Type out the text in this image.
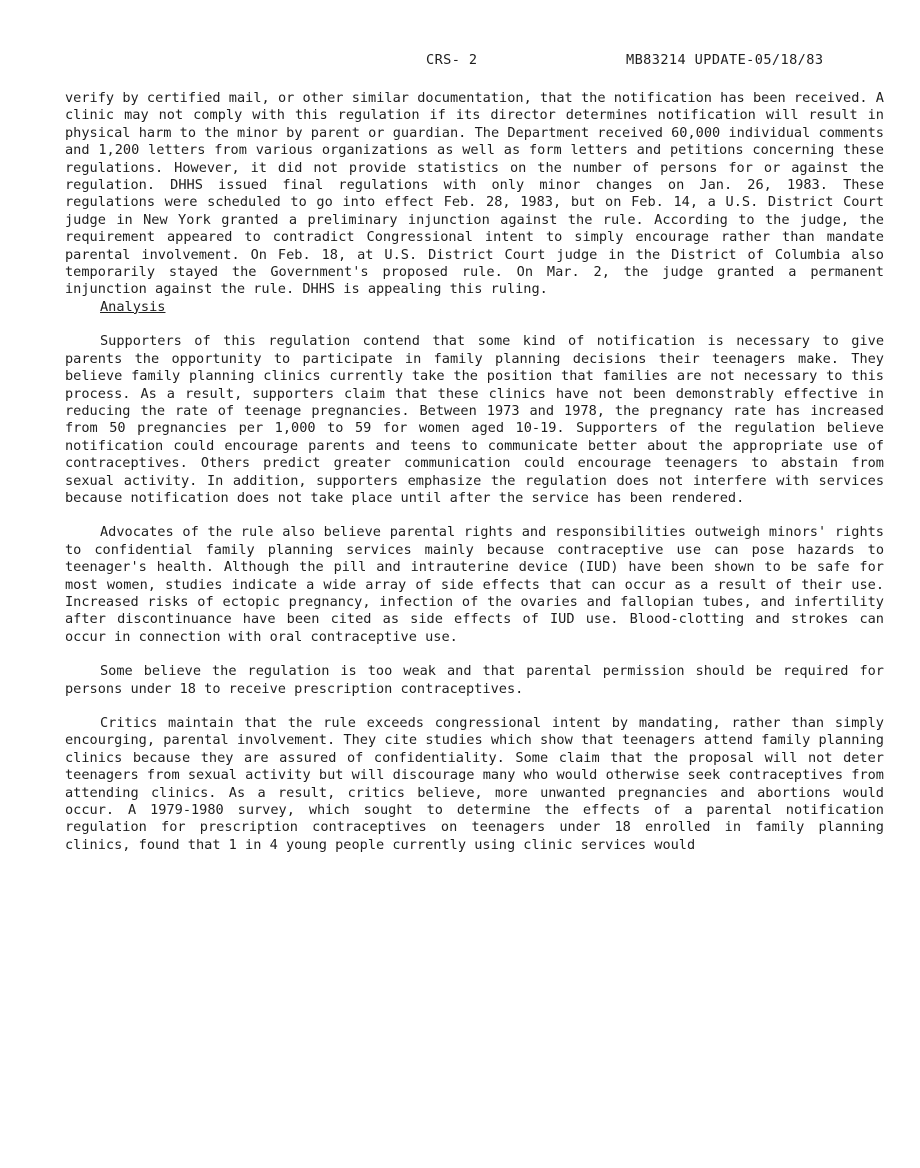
CRS- 2	MB83214 UPDATE-05/18/83

verify by certified mail, or other similar documentation, that the notification has been received. A clinic may not comply with this regulation if its director determines notification will result in physical harm to the minor by parent or guardian. The Department received 60,000 individual comments and 1,200 letters from various organizations as well as form letters and petitions concerning these regulations. However, it did not provide statistics on the number of persons for or against the regulation. DHHS issued final regulations with only minor changes on Jan. 26, 1983. These regulations were scheduled to go into effect Feb. 28, 1983, but on Feb. 14, a U.S. District Court judge in New York granted a preliminary injunction against the rule. According to the judge, the requirement appeared to contradict Congressional intent to simply encourage rather than mandate parental involvement. On Feb. 18, at U.S. District Court judge in the District of Columbia also temporarily stayed the Government's proposed rule. On Mar. 2, the judge granted a permanent injunction against the rule. DHHS is appealing this ruling.

Analysis

Supporters of this regulation contend that some kind of notification is necessary to give parents the opportunity to participate in family planning decisions their teenagers make. They believe family planning clinics currently take the position that families are not necessary to this process. As a result, supporters claim that these clinics have not been demonstrably effective in reducing the rate of teenage pregnancies. Between 1973 and 1978, the pregnancy rate has increased from 50 pregnancies per 1,000 to 59 for women aged 10-19. Supporters of the regulation believe notification could encourage parents and teens to communicate better about the appropriate use of contraceptives. Others predict greater communication could encourage teenagers to abstain from sexual activity. In addition, supporters emphasize the regulation does not interfere with services because notification does not take place until after the service has been rendered.

Advocates of the rule also believe parental rights and responsibilities outweigh minors' rights to confidential family planning services mainly because contraceptive use can pose hazards to teenager's health. Although the pill and intrauterine device (IUD) have been shown to be safe for most women, studies indicate a wide array of side effects that can occur as a result of their use. Increased risks of ectopic pregnancy, infection of the ovaries and fallopian tubes, and infertility after discontinuance have been cited as side effects of IUD use. Blood-clotting and strokes can occur in connection with oral contraceptive use.

Some believe the regulation is too weak and that parental permission should be required for persons under 18 to receive prescription contraceptives.

Critics maintain that the rule exceeds congressional intent by mandating, rather than simply encourging, parental involvement. They cite studies which show that teenagers attend family planning clinics because they are assured of confidentiality. Some claim that the proposal will not deter teenagers from sexual activity but will discourage many who would otherwise seek contraceptives from attending clinics. As a result, critics believe, more unwanted pregnancies and abortions would occur. A 1979-1980 survey, which sought to determine the effects of a parental notification regulation for prescription contraceptives on teenagers under 18 enrolled in family planning clinics, found that 1 in 4 young people currently using clinic services would
